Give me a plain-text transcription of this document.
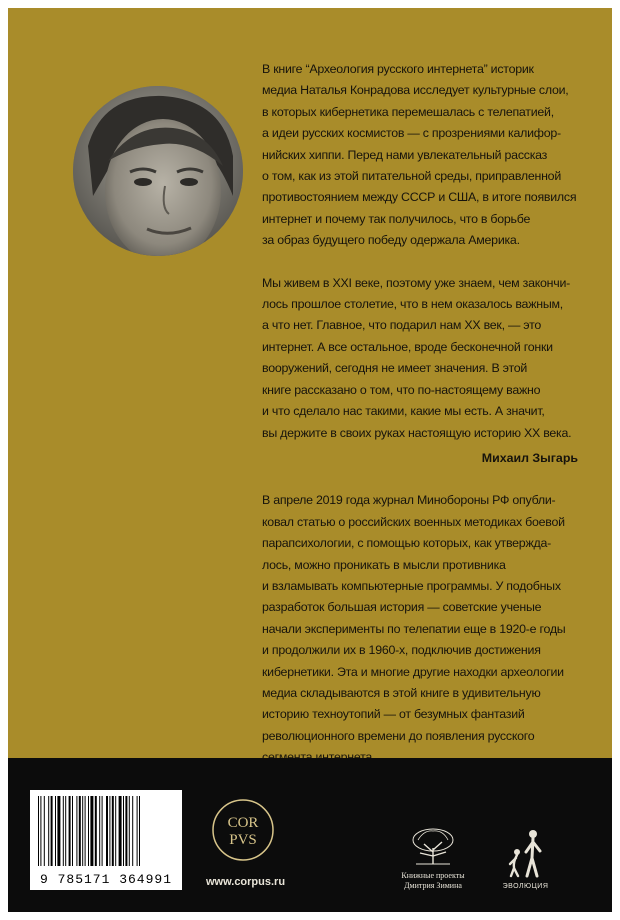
В книге “Археология русского интернета” историк

медиа Наталья Конрадова исследует культурные слои,

в которых кибернетика перемешалась с телепатией,

а идеи русских космистов — с прозрениями калифор-

нийских хиппи. Перед нами увлекательный рассказ

о том, как из этой питательной среды, приправленной

противостоянием между СССР и США, в итоге появился

интернет и почему так получилось, что в борьбе

за образ будущего победу одержала Америка.

Мы живем в XXI веке, поэтому уже знаем, чем закончи-

лось прошлое столетие, что в нем оказалось важным,

а что нет. Главное, что подарил нам XX век, — это

интернет. А все остальное, вроде бесконечной гонки

вооружений, сегодня не имеет значения. В этой

книге рассказано о том, что по-настоящему важно

и что сделало нас такими, какие мы есть. А значит,

вы держите в своих руках настоящую историю XX века.

Михаил Зыгарь

В апреле 2019 года журнал Минобороны РФ опубли-

ковал статью о российских военных методиках боевой

парапсихологии, с помощью которых, как утвержда-

лось, можно проникать в мысли противника

и взламывать компьютерные программы. У подобных

разработок большая история — советские ученые

начали эксперименты по телепатии еще в 1920-е годы

и продолжили их в 1960-х, подключив достижения

кибернетики. Эта и многие другие находки археологии

медиа складываются в этой книге в удивительную

историю техноутопий — от безумных фантазий

революционного времени до появления русского

9 785171 364991
COR
PVS
www.corpus.ru
Книжные проекты
Дмитрия Зимина	ЭВОЛЮЦИЯ
